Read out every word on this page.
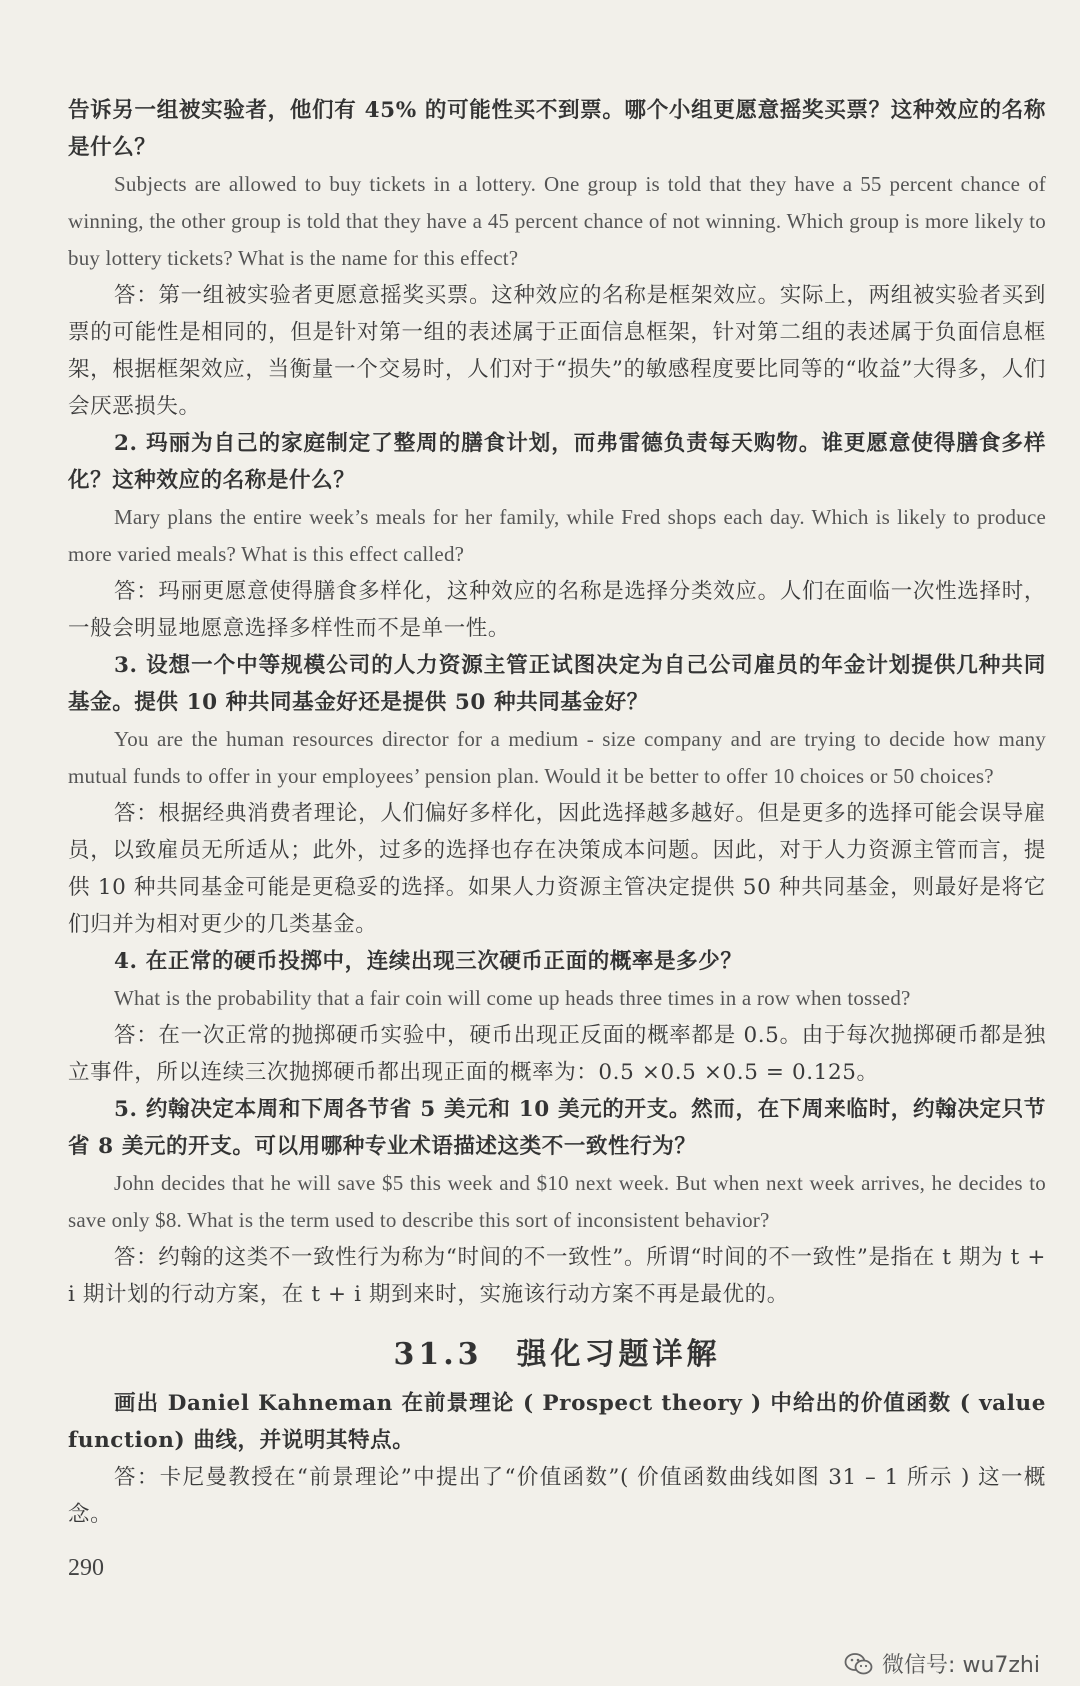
告诉另一组被实验者，他们有 45% 的可能性买不到票。哪个小组更愿意摇奖买票？这种效应的名称是什么？

Subjects are allowed to buy tickets in a lottery. One group is told that they have a 55 percent chance of winning, the other group is told that they have a 45 percent chance of not winning. Which group is more likely to buy lottery tickets? What is the name for this effect?

答：第一组被实验者更愿意摇奖买票。这种效应的名称是框架效应。实际上，两组被实验者买到票的可能性是相同的，但是针对第一组的表述属于正面信息框架，针对第二组的表述属于负面信息框架，根据框架效应，当衡量一个交易时，人们对于“损失”的敏感程度要比同等的“收益”大得多，人们会厌恶损失。

2. 玛丽为自己的家庭制定了整周的膳食计划，而弗雷德负责每天购物。谁更愿意使得膳食多样化？这种效应的名称是什么？

Mary plans the entire week’s meals for her family, while Fred shops each day. Which is likely to produce more varied meals? What is this effect called?

答：玛丽更愿意使得膳食多样化，这种效应的名称是选择分类效应。人们在面临一次性选择时，一般会明显地愿意选择多样性而不是单一性。

3. 设想一个中等规模公司的人力资源主管正试图决定为自己公司雇员的年金计划提供几种共同基金。提供 10 种共同基金好还是提供 50 种共同基金好？

You are the human resources director for a medium - size company and are trying to decide how many mutual funds to offer in your employees’ pension plan. Would it be better to offer 10 choices or 50 choices?

答：根据经典消费者理论，人们偏好多样化，因此选择越多越好。但是更多的选择可能会误导雇员，以致雇员无所适从；此外，过多的选择也存在决策成本问题。因此，对于人力资源主管而言，提供 10 种共同基金可能是更稳妥的选择。如果人力资源主管决定提供 50 种共同基金，则最好是将它们归并为相对更少的几类基金。

4. 在正常的硬币投掷中，连续出现三次硬币正面的概率是多少？

What is the probability that a fair coin will come up heads three times in a row when tossed?

答：在一次正常的抛掷硬币实验中，硬币出现正反面的概率都是 0.5。由于每次抛掷硬币都是独立事件，所以连续三次抛掷硬币都出现正面的概率为：0.5 ×0.5 ×0.5 = 0.125。

5. 约翰决定本周和下周各节省 5 美元和 10 美元的开支。然而，在下周来临时，约翰决定只节省 8 美元的开支。可以用哪种专业术语描述这类不一致性行为？

John decides that he will save $5 this week and $10 next week. But when next week arrives, he decides to save only $8. What is the term used to describe this sort of inconsistent behavior?

答：约翰的这类不一致性行为称为“时间的不一致性”。所谓“时间的不一致性”是指在 t 期为 t + i 期计划的行动方案，在 t + i 期到来时，实施该行动方案不再是最优的。

31.3　强化习题详解

画出 Daniel Kahneman 在前景理论 ( Prospect theory ) 中给出的价值函数 ( value function) 曲线，并说明其特点。

答：卡尼曼教授在“前景理论”中提出了“价值函数”( 价值函数曲线如图 31 – 1 所示 ) 这一概念。

290
微信号: wu7zhi
